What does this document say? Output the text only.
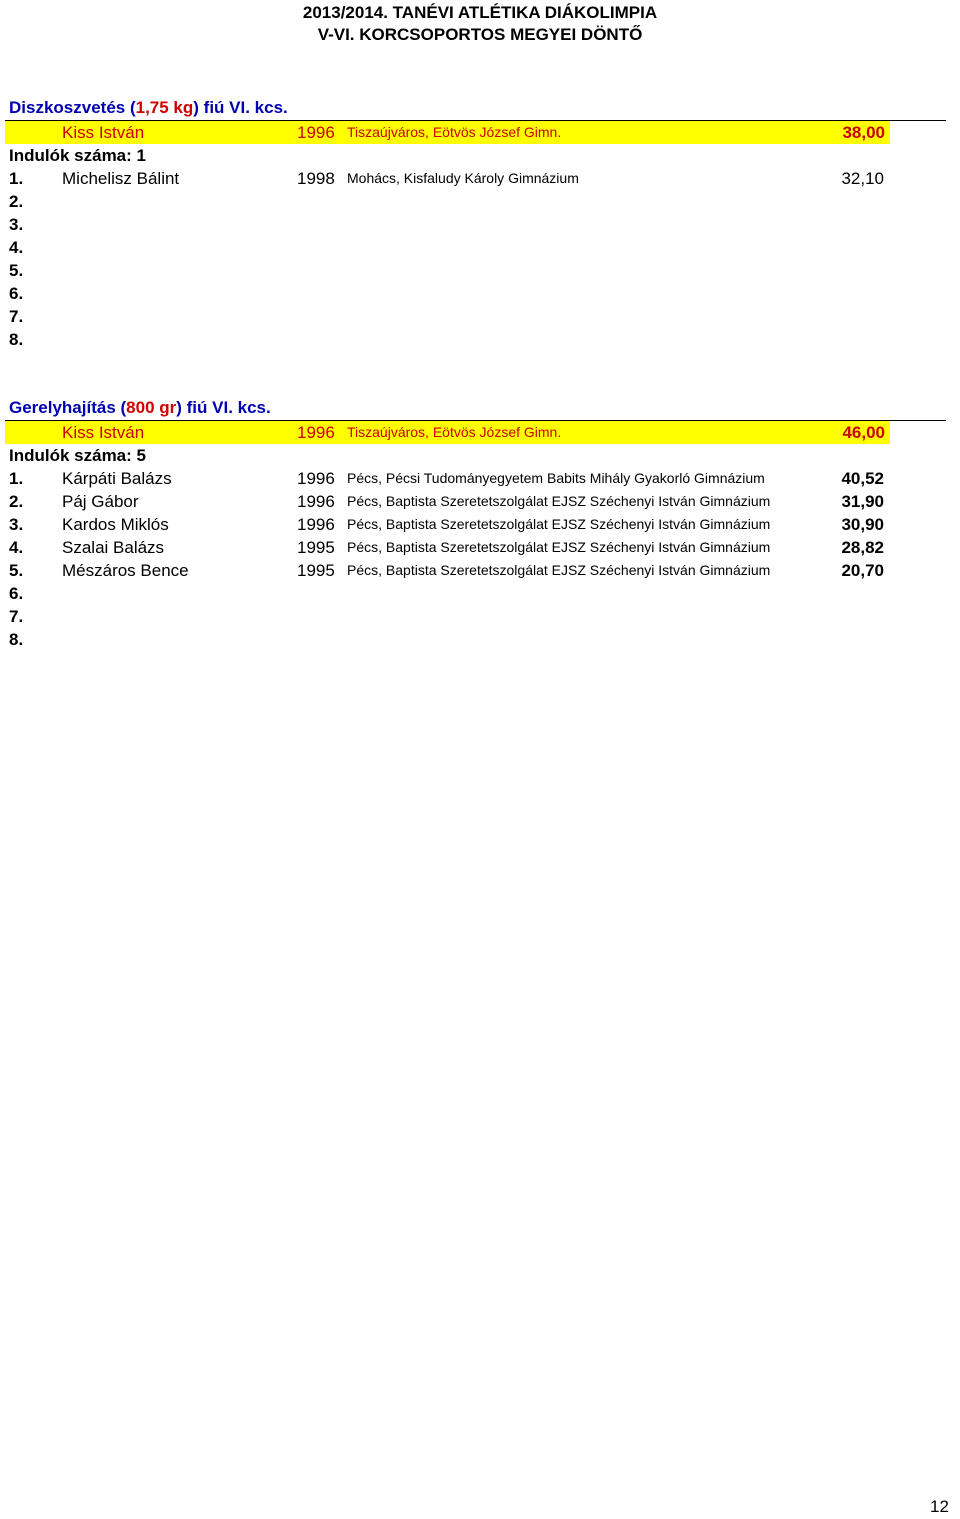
2013/2014. TANÉVI ATLÉTIKA DIÁKOLIMPIA
V-VI. KORCSOPORTOS MEGYEI DÖNTŐ
Diszkoszvetés (1,75 kg) fiú VI. kcs.
Kiss István	1996 Tiszaújváros, Eötvös József Gimn.	38,00
Indulók száma: 1
1. Michelisz Bálint	1998 Mohács, Kisfaludy Károly Gimnázium	32,10
2.
3.
4.
5.
6.
7.
8.
Gerelyhajítás (800 gr) fiú VI. kcs.
Kiss István	1996 Tiszaújváros, Eötvös József Gimn.	46,00
Indulók száma: 5
1. Kárpáti Balázs	1996 Pécs, Pécsi Tudományegyetem Babits Mihály Gyakorló Gimnázium	40,52
2. Páj Gábor	1996 Pécs, Baptista Szeretetszolgálat EJSZ Széchenyi István Gimnázium	31,90
3. Kardos Miklós	1996 Pécs, Baptista Szeretetszolgálat EJSZ Széchenyi István Gimnázium	30,90
4. Szalai Balázs	1995 Pécs, Baptista Szeretetszolgálat EJSZ Széchenyi István Gimnázium	28,82
5. Mészáros Bence	1995 Pécs, Baptista Szeretetszolgálat EJSZ Széchenyi István Gimnázium	20,70
6.
7.
8.
12
